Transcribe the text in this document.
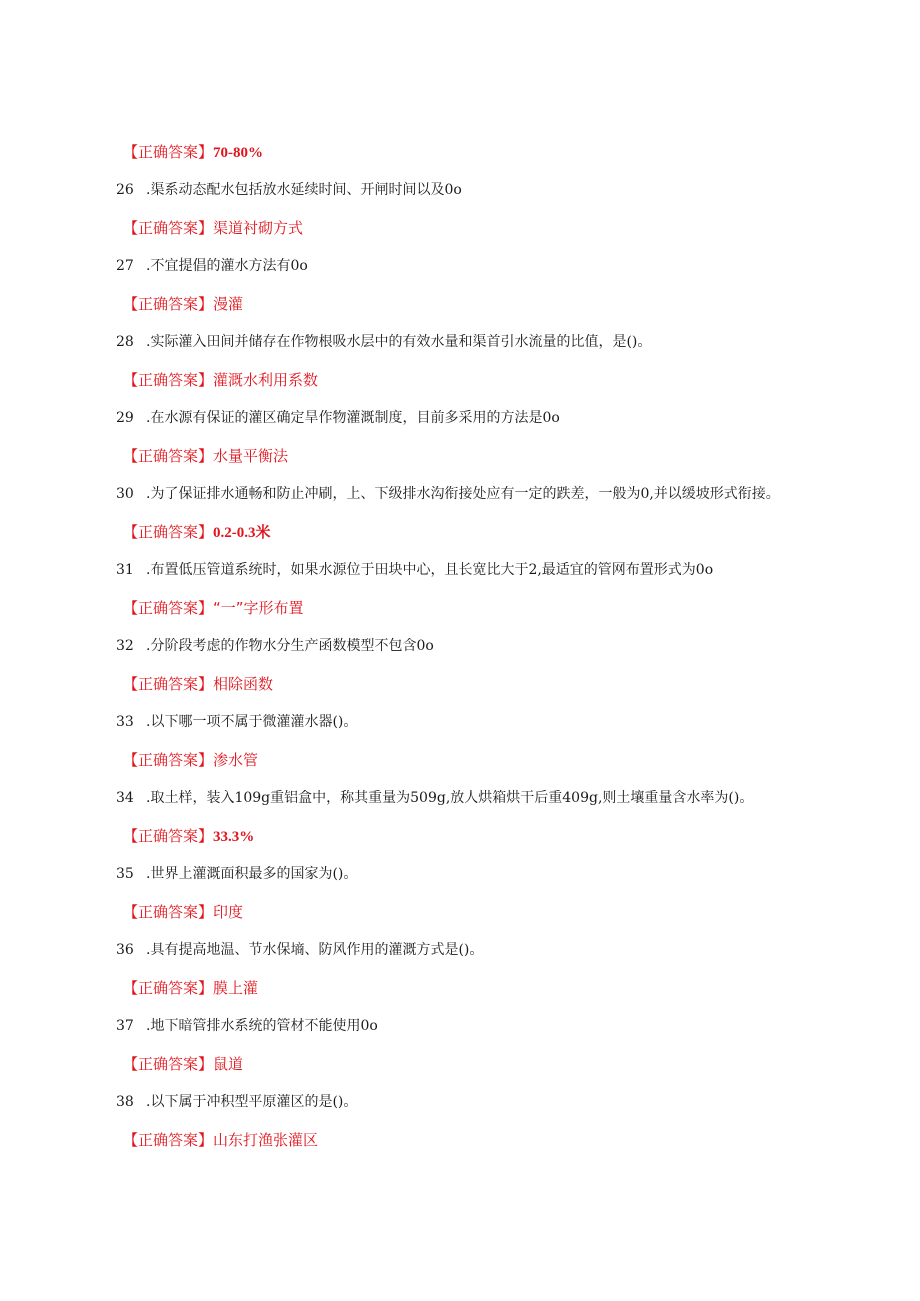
【正确答案】70-80%
26 .渠系动态配水包括放水延续时间、开闸时间以及0o
【正确答案】渠道衬砌方式
27 .不宜提倡的灌水方法有0o
【正确答案】漫灌
28 .实际灌入田间并储存在作物根吸水层中的有效水量和渠首引水流量的比值，是()。
【正确答案】灌溉水利用系数
29 .在水源有保证的灌区确定旱作物灌溉制度，目前多采用的方法是0o
【正确答案】水量平衡法
30 .为了保证排水通畅和防止冲刷，上、下级排水沟衔接处应有一定的跌差，一般为0,并以缓坡形式衔接。
【正确答案】0.2-0.3米
31 .布置低压管道系统时，如果水源位于田块中心，且长宽比大于2,最适宜的管网布置形式为0o
【正确答案】“一”字形布置
32 .分阶段考虑的作物水分生产函数模型不包含0o
【正确答案】相除函数
33 .以下哪一项不属于微灌灌水器()。
【正确答案】渗水管
34 .取土样，装入109g重铝盒中，称其重量为509g,放人烘箱烘干后重409g,则土壤重量含水率为()。
【正确答案】33.3%
35 .世界上灌溉面积最多的国家为()。
【正确答案】印度
36 .具有提高地温、节水保墒、防风作用的灌溉方式是()。
【正确答案】膜上灌
37 .地下暗管排水系统的管材不能使用0o
【正确答案】鼠道
38 .以下属于冲积型平原灌区的是()。
【正确答案】山东打渔张灌区
